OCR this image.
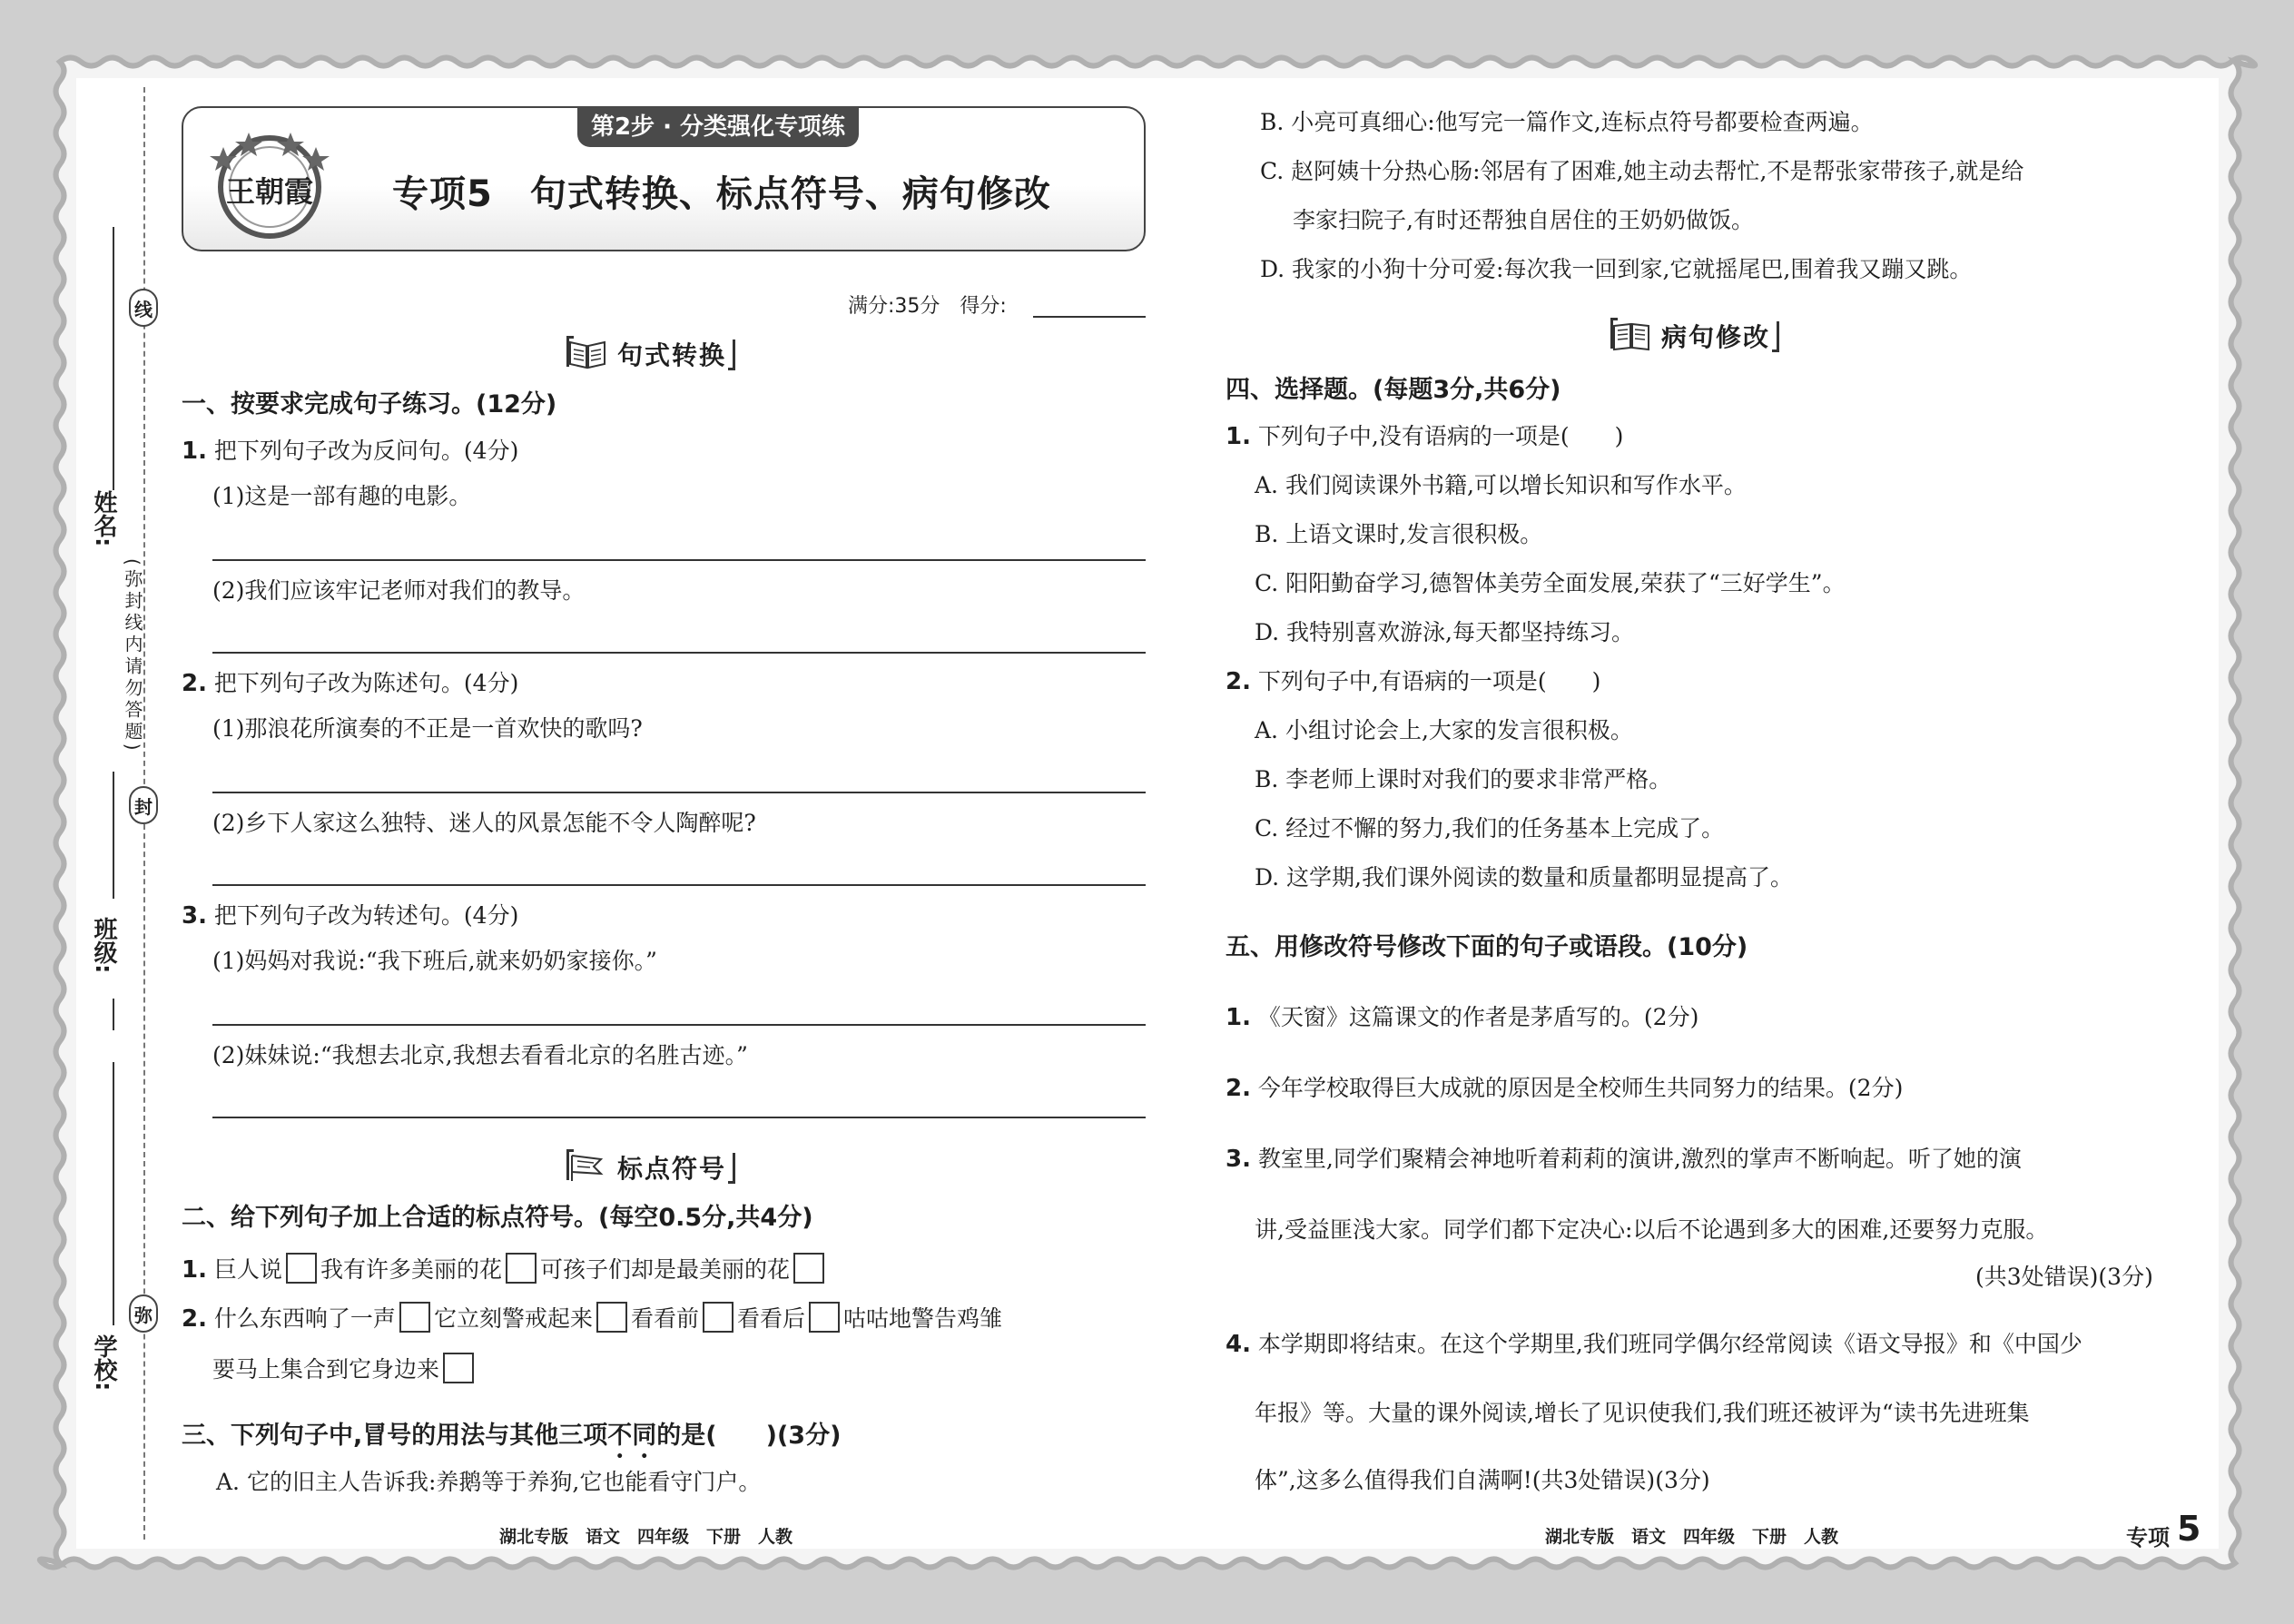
线
封
弥
(弥封线内请勿答题)
姓名:
班级:
学校:
第2步 · 分类强化专项练
王朝霞 专项5　句式转换、标点符号、病句修改
满分:35分　得分:
句式转换
一、按要求完成句子练习。(12分)
1. 把下列句子改为反问句。(4分)
(1)这是一部有趣的电影。
(2)我们应该牢记老师对我们的教导。
2. 把下列句子改为陈述句。(4分)
(1)那浪花所演奏的不正是一首欢快的歌吗?
(2)乡下人家这么独特、迷人的风景怎能不令人陶醉呢?
3. 把下列句子改为转述句。(4分)
(1)妈妈对我说:“我下班后,就来奶奶家接你。”
(2)妹妹说:“我想去北京,我想去看看北京的名胜古迹。”
标点符号
二、给下列句子加上合适的标点符号。(每空0.5分,共4分)
1. 巨人说 我有许多美丽的花 可孩子们却是最美丽的花
2. 什么东西响了一声 它立刻警戒起来 看看前 看看后 咕咕地警告鸡雏
要马上集合到它身边来
三、下列句子中,冒号的用法与其他三项不同的是(　　)(3分)
A. 它的旧主人告诉我:养鹅等于养狗,它也能看守门户。
湖北专版　语文　四年级　下册　人教
B. 小亮可真细心:他写完一篇作文,连标点符号都要检查两遍。
C. 赵阿姨十分热心肠:邻居有了困难,她主动去帮忙,不是帮张家带孩子,就是给
李家扫院子,有时还帮独自居住的王奶奶做饭。
D. 我家的小狗十分可爱:每次我一回到家,它就摇尾巴,围着我又蹦又跳。
病句修改
四、选择题。(每题3分,共6分)
1. 下列句子中,没有语病的一项是(　　)
A. 我们阅读课外书籍,可以增长知识和写作水平。
B. 上语文课时,发言很积极。
C. 阳阳勤奋学习,德智体美劳全面发展,荣获了“三好学生”。
D. 我特别喜欢游泳,每天都坚持练习。
2. 下列句子中,有语病的一项是(　　)
A. 小组讨论会上,大家的发言很积极。
B. 李老师上课时对我们的要求非常严格。
C. 经过不懈的努力,我们的任务基本上完成了。
D. 这学期,我们课外阅读的数量和质量都明显提高了。
五、用修改符号修改下面的句子或语段。(10分)
1. 《天窗》这篇课文的作者是茅盾写的。(2分)
2. 今年学校取得巨大成就的原因是全校师生共同努力的结果。(2分)
3. 教室里,同学们聚精会神地听着莉莉的演讲,激烈的掌声不断响起。听了她的演
讲,受益匪浅大家。同学们都下定决心:以后不论遇到多大的困难,还要努力克服。
(共3处错误)(3分)
4. 本学期即将结束。在这个学期里,我们班同学偶尔经常阅读《语文导报》和《中国少
年报》等。大量的课外阅读,增长了见识使我们,我们班还被评为“读书先进班集
体”,这多么值得我们自满啊!(共3处错误)(3分)
湖北专版　语文　四年级　下册　人教	专项 5
